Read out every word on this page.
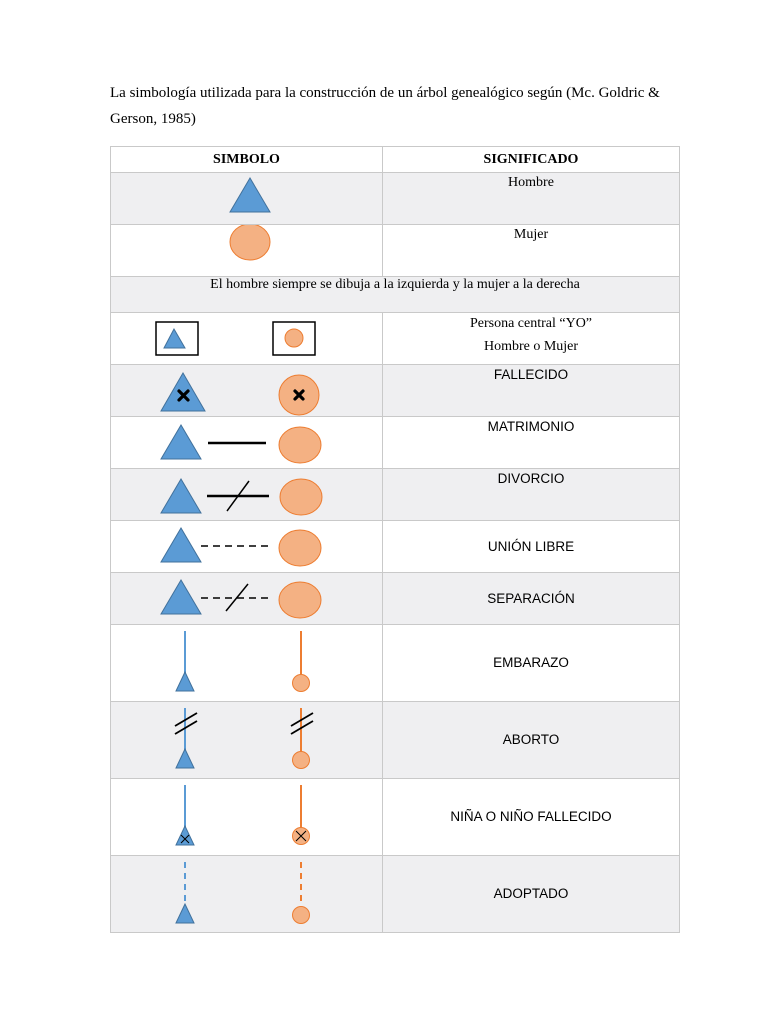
La simbología utilizada para la construcción de un árbol genealógico según (Mc. Goldric & Gerson, 1985)

SIMBOLO	SIGNIFICADO

	Hombre

	Mujer
El hombre siempre se dibuja a la izquierda y la mujer a la derecha	

Persona central “YO”
Hombre o Mujer

	FALLECIDO

	MATRIMONIO

	DIVORCIO

	UNIÓN LIBRE

	SEPARACIÓN

	EMBARAZO

	ABORTO

	NIÑA O NIÑO FALLECIDO

	ADOPTADO
